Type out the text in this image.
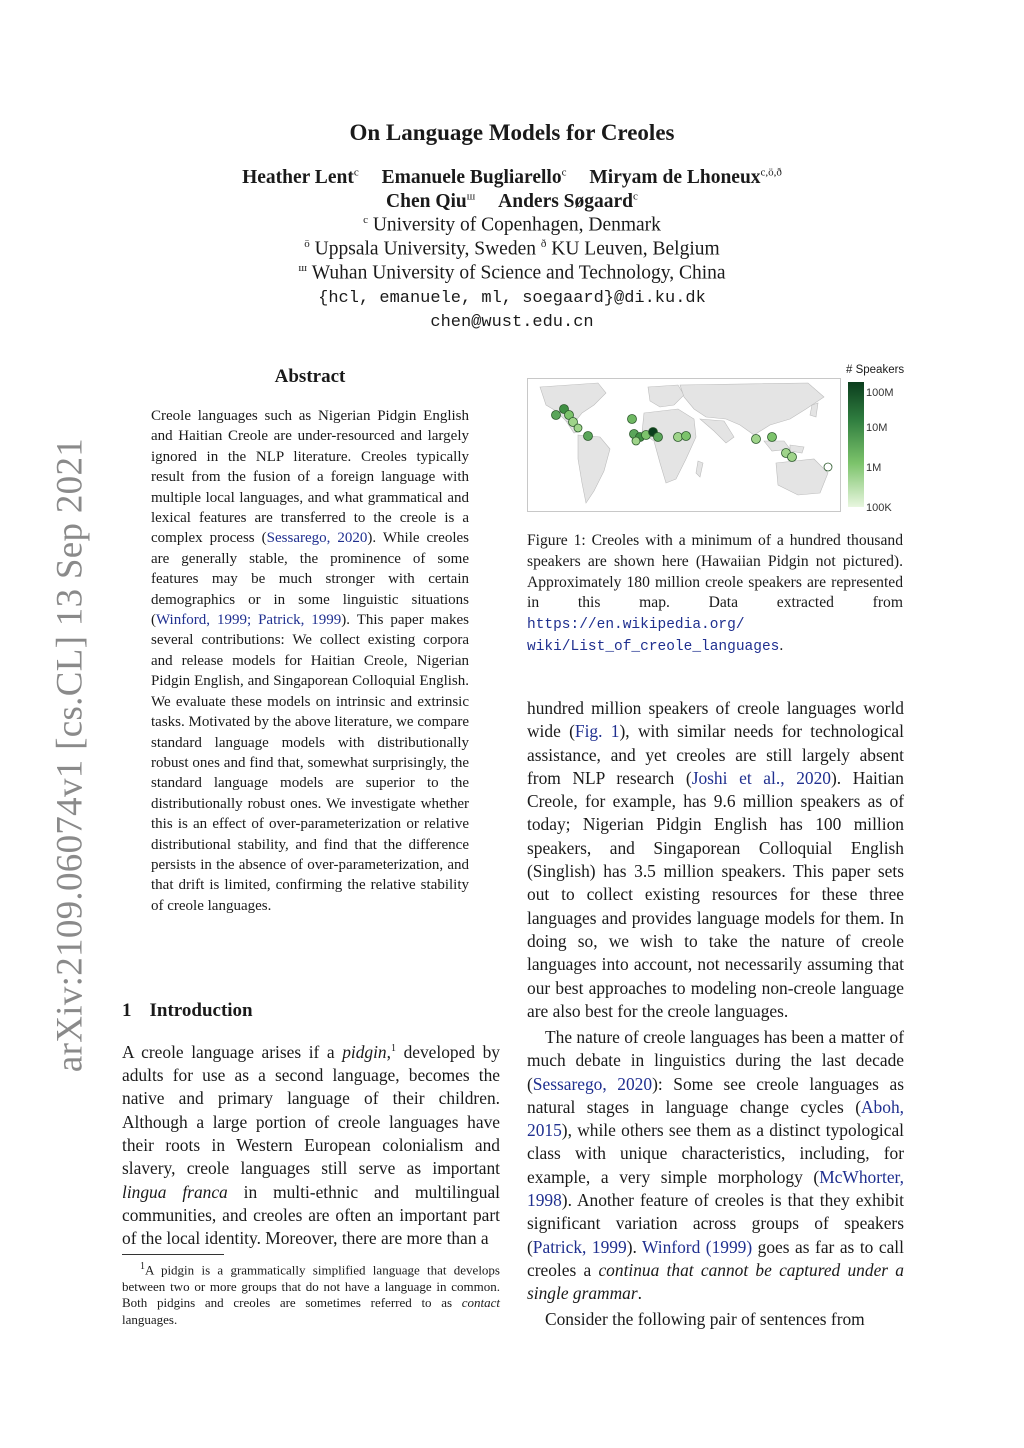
arXiv:2109.06074v1 [cs.CL] 13 Sep 2021
On Language Models for Creoles
Heather Lent$^c$ Emanuele Bugliarello$^c$ Miryam de Lhoneux$^{c,ö,ð}$
Chen Qiu$^ш$ Anders Søgaard$^c$
$^c$ University of Copenhagen, Denmark
$^ö$ Uppsala University, Sweden $^ð$ KU Leuven, Belgium
$^ш$ Wuhan University of Science and Technology, China
{hcl, emanuele, ml, soegaard}@di.ku.dk
chen@wust.edu.cn
Abstract
Creole languages such as Nigerian Pidgin English and Haitian Creole are under-resourced and largely ignored in the NLP literature. Creoles typically result from the fusion of a foreign language with multiple local languages, and what grammatical and lexical features are transferred to the creole is a complex process (Sessarego, 2020). While creoles are generally stable, the prominence of some features may be much stronger with certain demographics or in some linguistic situations (Winford, 1999; Patrick, 1999). This paper makes several contributions: We collect existing corpora and release models for Haitian Creole, Nigerian Pidgin English, and Singaporean Colloquial English. We evaluate these models on intrinsic and extrinsic tasks. Motivated by the above literature, we compare standard language models with distributionally robust ones and find that, somewhat surprisingly, the standard language models are superior to the distributionally robust ones. We investigate whether this is an effect of over-parameterization or relative distributional stability, and find that the difference persists in the absence of over-parameterization, and that drift is limited, confirming the relative stability of creole languages.
1 Introduction
A creole language arises if a pidgin,$^1$ developed by adults for use as a second language, becomes the native and primary language of their children. Although a large portion of creole languages have their roots in Western European colonialism and slavery, creole languages still serve as important lingua franca in multi-ethnic and multilingual communities, and creoles are often an important part of the local identity. Moreover, there are more than a
$^1$A pidgin is a grammatically simplified language that develops between two or more groups that do not have a language in common. Both pidgins and creoles are sometimes referred to as contact languages.
# Speakers
100M
10M
1M
100K
Figure 1: Creoles with a minimum of a hundred thousand speakers are shown here (Hawaiian Pidgin not pictured). Approximately 180 million creole speakers are represented in this map. Data extracted from https://en.wikipedia.org/ wiki/List_of_creole_languages.
hundred million speakers of creole languages world wide (Fig. 1), with similar needs for technological assistance, and yet creoles are still largely absent from NLP research (Joshi et al., 2020). Haitian Creole, for example, has 9.6 million speakers as of today; Nigerian Pidgin English has 100 million speakers, and Singaporean Colloquial English (Singlish) has 3.5 million speakers. This paper sets out to collect existing resources for these three languages and provides language models for them. In doing so, we wish to take the nature of creole languages into account, not necessarily assuming that our best approaches to modeling non-creole language are also best for the creole languages.
The nature of creole languages has been a matter of much debate in linguistics during the last decade (Sessarego, 2020): Some see creole languages as natural stages in language change cycles (Aboh, 2015), while others see them as a distinct typological class with unique characteristics, including, for example, a very simple morphology (McWhorter, 1998). Another feature of creoles is that they exhibit significant variation across groups of speakers (Patrick, 1999). Winford (1999) goes as far as to call creoles a continua that cannot be captured under a single grammar.
Consider the following pair of sentences from
